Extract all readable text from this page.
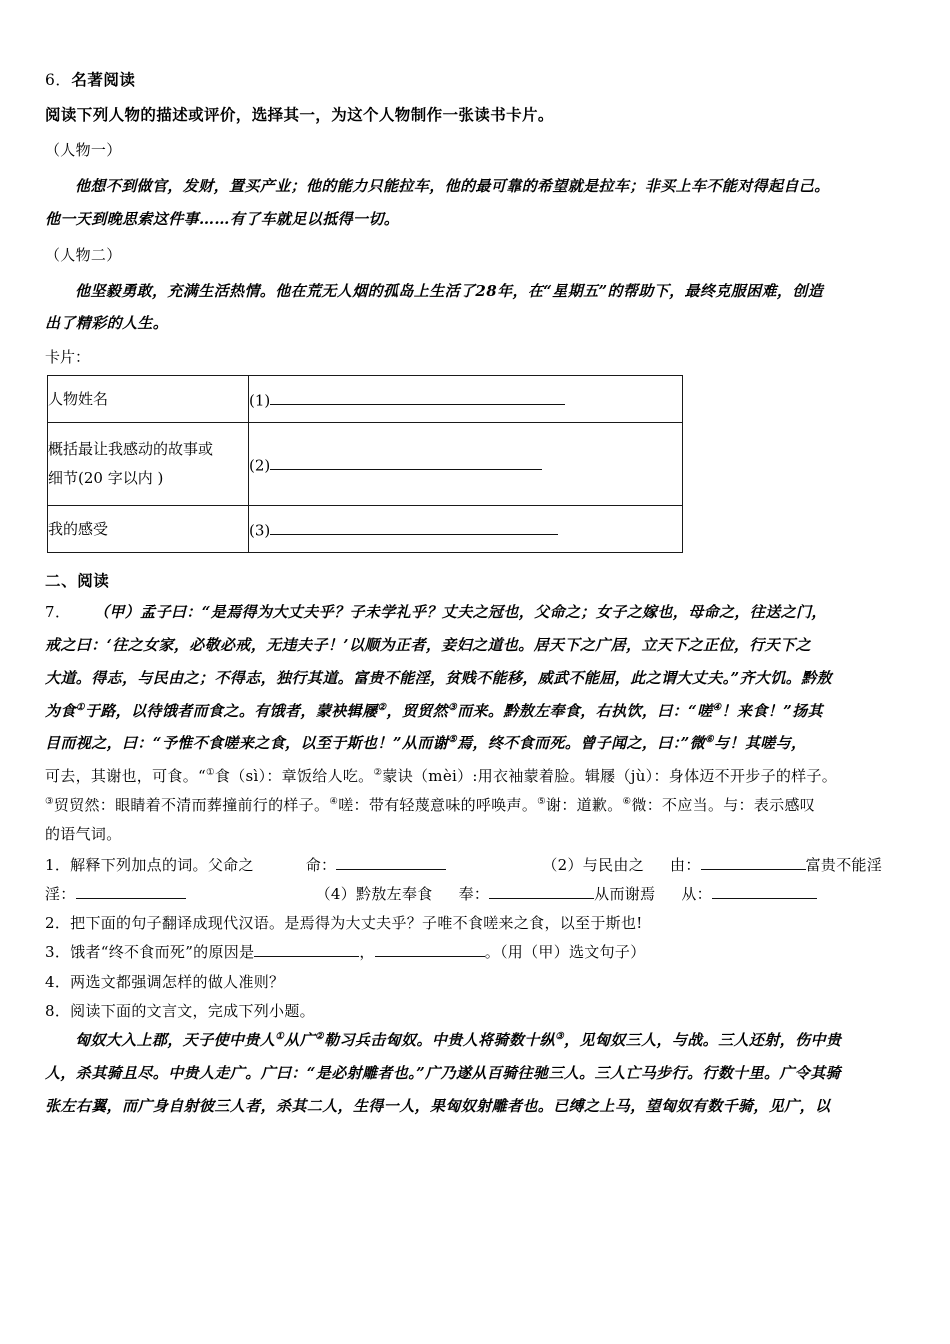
6．名著阅读
阅读下列人物的描述或评价，选择其一，为这个人物制作一张读书卡片。
（人物一）
他想不到做官，发财，置买产业；他的能力只能拉车，他的最可靠的希望就是拉车；非买上车不能对得起自己。
他一天到晚思索这件事……有了车就足以抵得一切。
（人物二）
他坚毅勇敢，充满生活热情。他在荒无人烟的孤岛上生活了28年，在“星期五”的帮助下，最终克服困难，创造
出了精彩的人生。
卡片：
人物姓名	(1)

概括最让我感动的故事或
细节(20 字以内 )	(2)
我的感受	(3)
二、阅读
7． （甲）孟子曰：“是焉得为大丈夫乎？子未学礼乎？丈夫之冠也，父命之；女子之嫁也，母命之，往送之门，
戒之曰：‘往之女家，必敬必戒，无违夫子！’以顺为正者，妾妇之道也。居天下之广居，立天下之正位，行天下之
大道。得志，与民由之；不得志，独行其道。富贵不能淫，贫贱不能移，威武不能屈，此之谓大丈夫。”齐大饥。黔敖
为食①于路，以待饿者而食之。有饿者，蒙袂辑屦②，贸贸然③而来。黔敖左奉食，右执饮，曰：“嗟④！来食！”扬其
目而视之，曰：“予惟不食嗟来之食，以至于斯也！”从而谢⑤焉，终不食而死。曾子闻之，曰：”微⑥与！其嗟与，
可去，其谢也，可食。“①食（sì）：章饭给人吃。②蒙诀（mèi）:用衣袖蒙着脸。辑屦（jù）：身体迈不开步子的样子。
③贸贸然：眼睛着不清而葬撞前行的样子。④嗟：带有轻蔑意味的呼唤声。⑤谢：道歉。⑥微：不应当。与：表示感叹
的语气词。
1．解释下列加点的词。父命之	命：	（2）与民由之 由：	富贵不能淫
淫：	（4）黔敖左奉食 奉：	从而谢焉 从：
2．把下面的句子翻译成现代汉语。是焉得为大丈夫乎？子唯不食嗟来之食，以至于斯也!
3．饿者“终不食而死”的原因是	，	。（用（甲）选文句子）
4．两选文都强调怎样的做人准则？
8．阅读下面的文言文，完成下列小题。
匈奴大入上郡，天子使中贵人①从广②勒习兵击匈奴。中贵人将骑数十纵③，见匈奴三人，与战。三人还射，伤中贵
人，杀其骑且尽。中贵人走广。广曰：“是必射雕者也。”广乃遂从百骑往驰三人。三人亡马步行。行数十里。广令其骑
张左右翼，而广身自射彼三人者，杀其二人，生得一人，果匈奴射雕者也。已缚之上马，望匈奴有数千骑，见广，以
